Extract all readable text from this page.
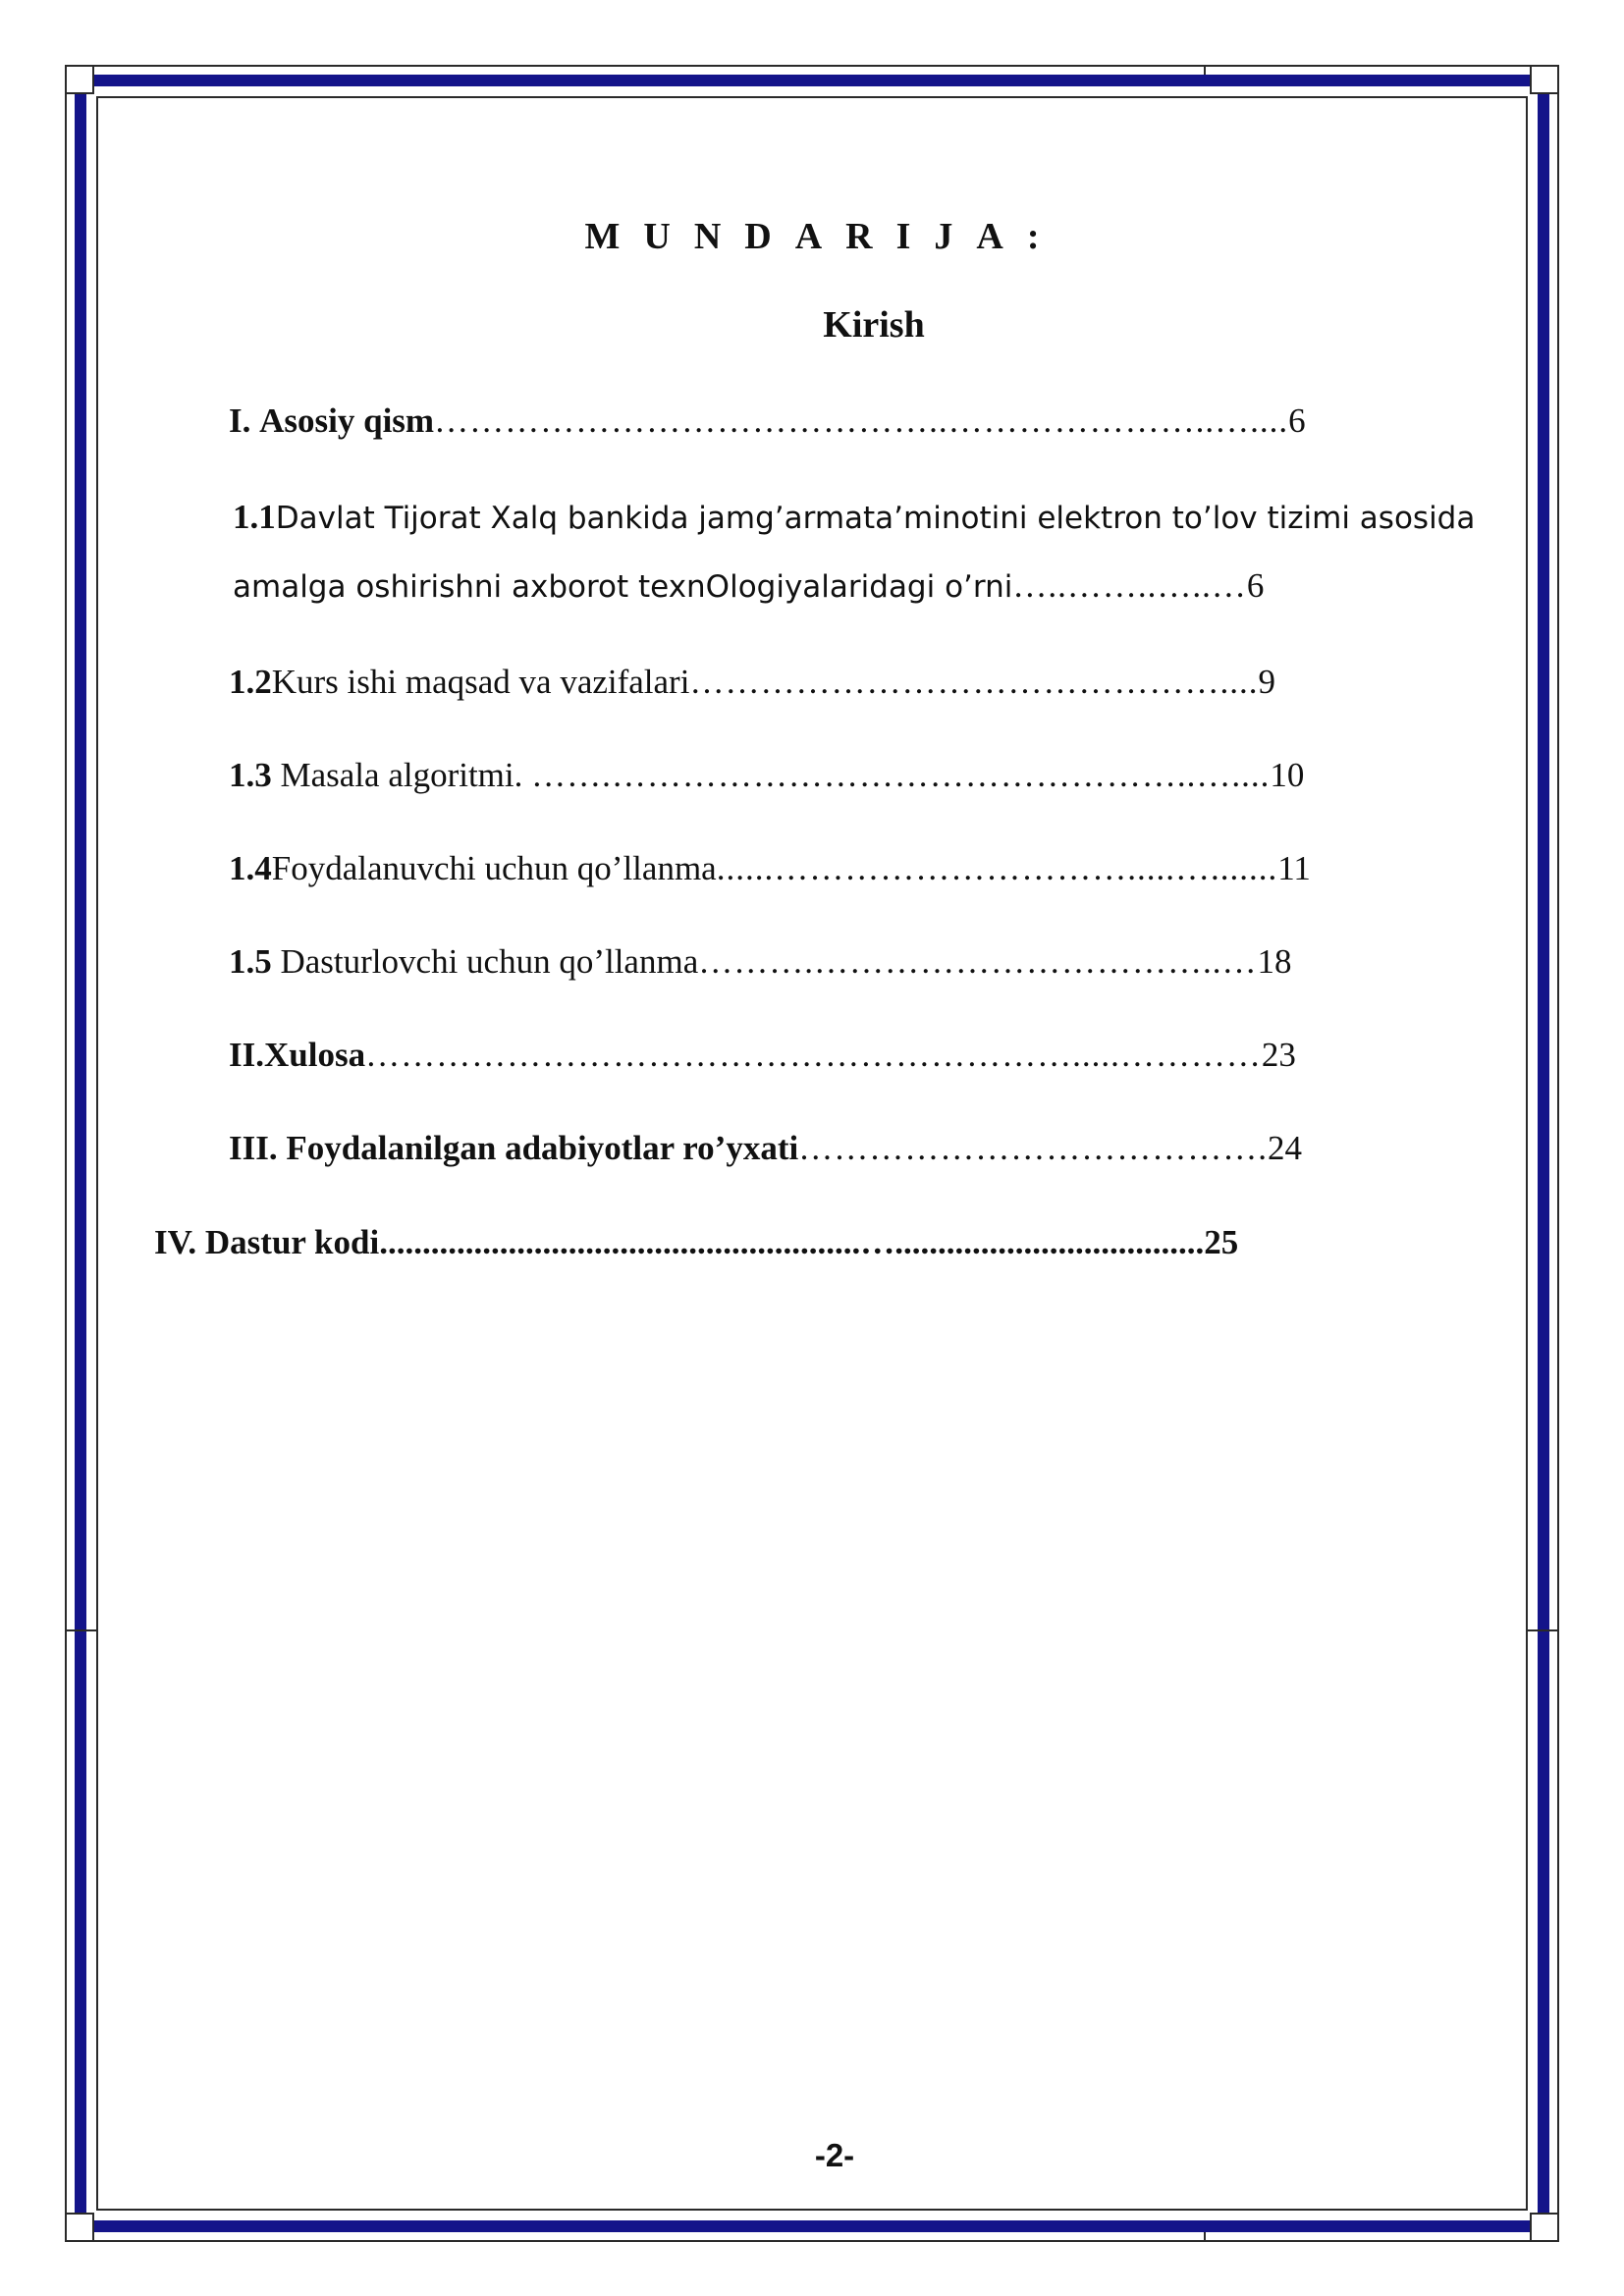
MUNDARIJA:
Kirish
I. Asosiy qism……………………………………..…………………..…....6
1.1Davlat Tijorat Xalq bankida jamg’armata’minotini elektron to’lov tizimi asosida
amalga oshirishni axborot texnOlogiyalaridagi o’rni…..……..…..…6
1.2Kurs ishi maqsad va vazifalari………………………………………....9
1.3 Masala algoritmi. …….…………………………………………..…....10
1.4Foydalanuvchi uchun qo’llanma......………………………….....….......11
1.5 Dasturlovchi uchun qo’llanma……….……………………………..…18
II.Xulosa…………………………………………………….....…………23
III. Foydalanilgan adabiyotlar ro’yxati………………………………….24
IV. Dastur kodi........................................................…....................................25
-2-
